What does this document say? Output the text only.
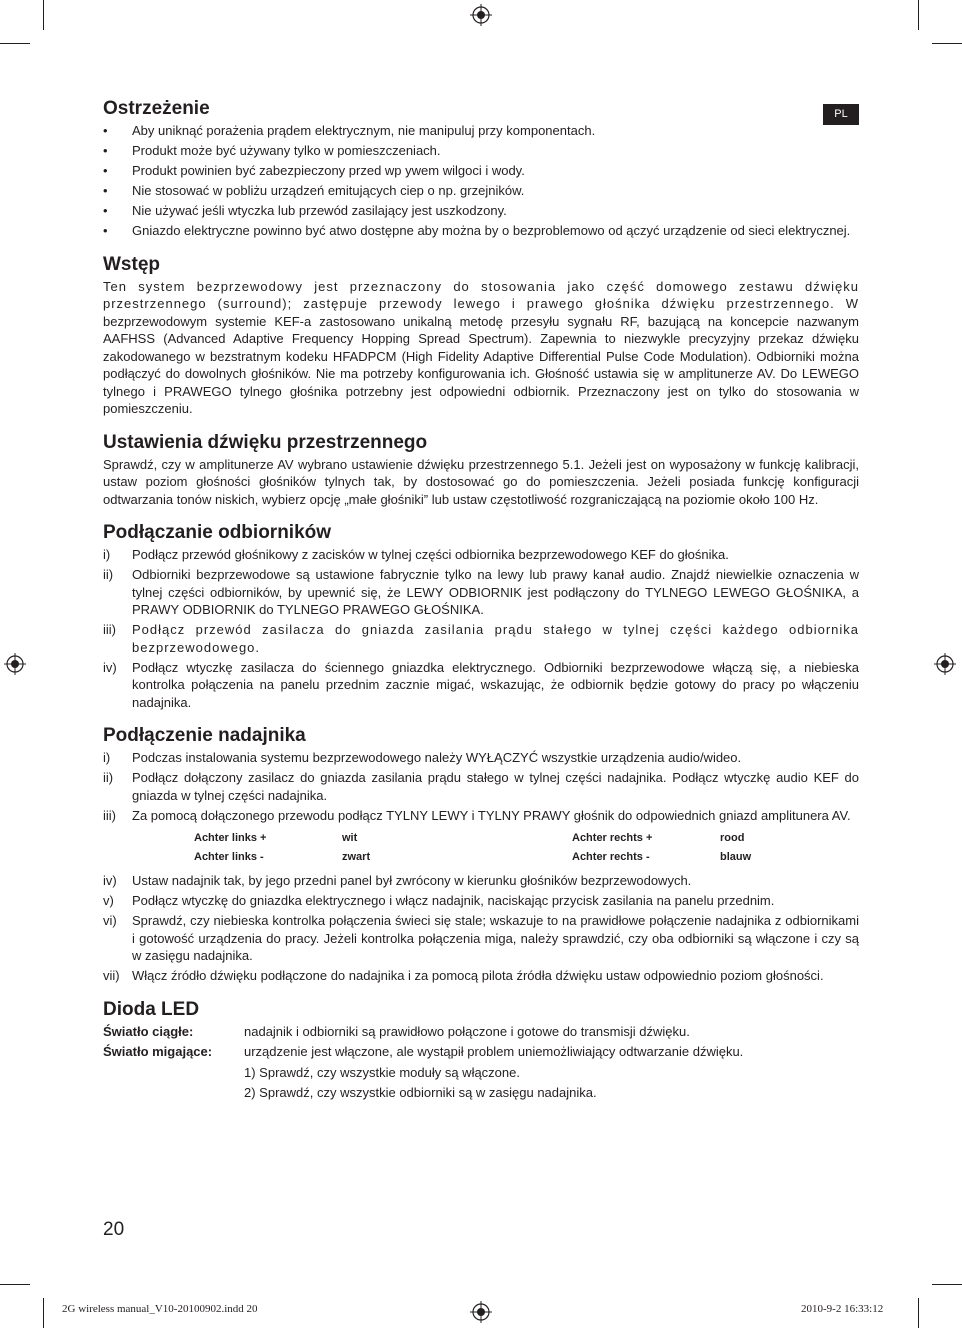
PL
Ostrzeżenie
• Aby uniknąć porażenia prądem elektrycznym, nie manipuluj przy komponentach.
• Produkt może być używany tylko w pomieszczeniach.
• Produkt powinien być zabezpieczony przed wp ywem wilgoci i wody.
• Nie stosować w pobliżu urządzeń emitujących ciep o np. grzejników.
• Nie używać jeśli wtyczka lub przewód zasilający jest uszkodzony.
• Gniazdo elektryczne powinno być atwo dostępne aby można by o bezproblemowo od ączyć urządzenie od sieci elektrycznej.
Wstęp

Ten system bezprzewodowy jest przeznaczony do stosowania jako część domowego zestawu dźwięku przestrzennego (surround); zastępuje przewody lewego i prawego głośnika dźwięku przestrzennego. W bezprzewodowym systemie KEF-a zastosowano unikalną metodę przesyłu sygnału RF, bazującą na koncepcie nazwanym AAFHSS (Advanced Adaptive Frequency Hopping Spread Spectrum). Zapewnia to niezwykle precyzyjny przekaz dźwięku zakodowanego w bezstratnym kodeku HFADPCM (High Fidelity Adaptive Differential Pulse Code Modulation). Odbiorniki można podłączyć do dowolnych głośników. Nie ma potrzeby konfigurowania ich. Głośność ustawia się w amplitunerze AV. Do LEWEGO tylnego i PRAWEGO tylnego głośnika potrzebny jest odpowiedni odbiornik. Przeznaczony jest on tylko do stosowania w pomieszczeniu.

Ustawienia dźwięku przestrzennego

Sprawdź, czy w amplitunerze AV wybrano ustawienie dźwięku przestrzennego 5.1. Jeżeli jest on wyposażony w funkcję kalibracji, ustaw poziom głośności głośników tylnych tak, by dostosować go do pomieszczenia. Jeżeli posiada funkcję konfiguracji odtwarzania tonów niskich, wybierz opcję „małe głośniki” lub ustaw częstotliwość rozgraniczającą na poziomie około 100 Hz.

Podłączanie odbiorników
i) Podłącz przewód głośnikowy z zacisków w tylnej części odbiornika bezprzewodowego KEF do głośnika.
ii) Odbiorniki bezprzewodowe są ustawione fabrycznie tylko na lewy lub prawy kanał audio. Znajdź niewielkie oznaczenia w tylnej części odbiorników, by upewnić się, że LEWY ODBIORNIK jest podłączony do TYLNEGO LEWEGO GŁOŚNIKA, a PRAWY ODBIORNIK do TYLNEGO PRAWEGO GŁOŚNIKA.
iii) Podłącz przewód zasilacza do gniazda zasilania prądu stałego w tylnej części każdego odbiornika bezprzewodowego.
iv) Podłącz wtyczkę zasilacza do ściennego gniazdka elektrycznego. Odbiorniki bezprzewodowe włączą się, a niebieska kontrolka połączenia na panelu przednim zacznie migać, wskazując, że odbiornik będzie gotowy do pracy po włączeniu nadajnika.
Podłączenie nadajnika
i) Podczas instalowania systemu bezprzewodowego należy WYŁĄCZYĆ wszystkie urządzenia audio/wideo.
ii) Podłącz dołączony zasilacz do gniazda zasilania prądu stałego w tylnej części nadajnika. Podłącz wtyczkę audio KEF do gniazda w tylnej części nadajnika.
iii) Za pomocą dołączonego przewodu podłącz TYLNY LEWY i TYLNY PRAWY głośnik do odpowiednich gniazd amplitunera AV.
Achter links +	wit	Achter rechts +	rood
Achter links -	zwart	Achter rechts -	blauw
iv) Ustaw nadajnik tak, by jego przedni panel był zwrócony w kierunku głośników bezprzewodowych.
v) Podłącz wtyczkę do gniazdka elektrycznego i włącz nadajnik, naciskając przycisk zasilania na panelu przednim.
vi) Sprawdź, czy niebieska kontrolka połączenia świeci się stale; wskazuje to na prawidłowe połączenie nadajnika z odbiornikami i gotowość urządzenia do pracy. Jeżeli kontrolka połączenia miga, należy sprawdzić, czy oba odbiorniki są włączone i czy są w zasięgu nadajnika.
vii) Włącz źródło dźwięku podłączone do nadajnika i za pomocą pilota źródła dźwięku ustaw odpowiednio poziom głośności.
Dioda LED
Światło ciągłe:	nadajnik i odbiorniki są prawidłowo połączone i gotowe do transmisji dźwięku.
Światło migające:	urządzenie jest włączone, ale wystąpił problem uniemożliwiający odtwarzanie dźwięku.
1) Sprawdź, czy wszystkie moduły są włączone.
2) Sprawdź, czy wszystkie odbiorniki są w zasięgu nadajnika.
20
2G wireless manual_V10-20100902.indd 20	2010-9-2 16:33:12
